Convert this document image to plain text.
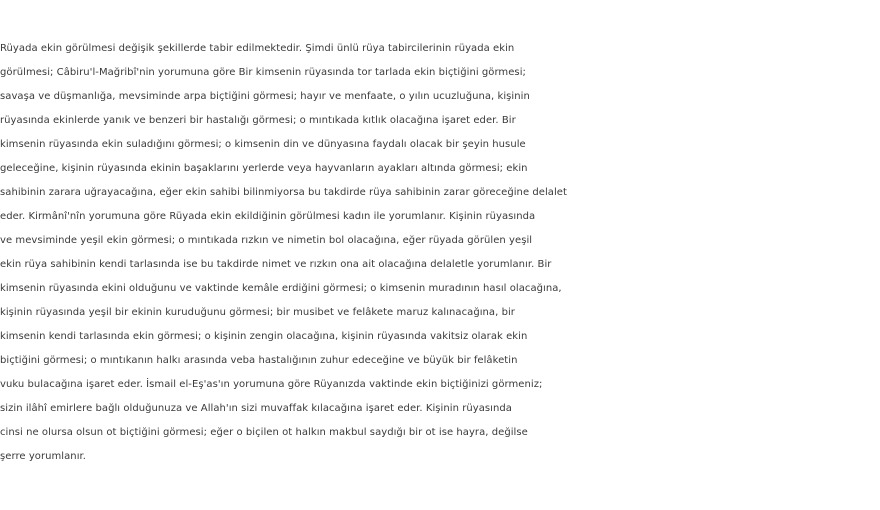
Rüyada ekin görülmesi değişik şekillerde tabir edilmektedir. Şimdi ünlü rüya tabircilerinin rüyada ekin
görülmesi; Câbiru'l-Mağribî'nin yorumuna göre Bir kimsenin rüyasında tor tarlada ekin biçtiğini görmesi;
savaşa ve düşmanlığa, mevsiminde arpa biçtiğini görmesi; hayır ve menfaate, o yılın ucuzluğuna, kişinin
rüyasında ekinlerde yanık ve benzeri bir hastalığı görmesi; o mıntıkada kıtlık olacağına işaret eder. Bir
kimsenin rüyasında ekin suladığını görmesi; o kimsenin din ve dünyasına faydalı olacak bir şeyin husule
geleceğine, kişinin rüyasında ekinin başaklarını yerlerde veya hayvanların ayakları altında görmesi; ekin
sahibinin zarara uğrayacağına, eğer ekin sahibi bilinmiyorsa bu takdirde rüya sahibinin zarar göreceğine delalet
eder. Kirmânî'nîn yorumuna göre Rüyada ekin ekildiğinin görülmesi kadın ile yorumlanır. Kişinin rüyasında
ve mevsiminde yeşil ekin görmesi; o mıntıkada rızkın ve nimetin bol olacağına, eğer rüyada görülen yeşil
ekin rüya sahibinin kendi tarlasında ise bu takdirde nimet ve rızkın ona ait olacağına delaletle yorumlanır. Bir
kimsenin rüyasında ekini olduğunu ve vaktinde kemâle erdiğini görmesi; o kimsenin muradının hasıl olacağına,
kişinin rüyasında yeşil bir ekinin kuruduğunu görmesi; bir musibet ve felâkete maruz kalınacağına, bir
kimsenin kendi tarlasında ekin görmesi; o kişinin zengin olacağına, kişinin rüyasında vakitsiz olarak ekin
biçtiğini görmesi; o mıntıkanın halkı arasında veba hastalığının zuhur edeceğine ve büyük bir felâketin
vuku bulacağına işaret eder. İsmail el-Eş'as'ın yorumuna göre Rüyanızda vaktinde ekin biçtiğinizi görmeniz;
sizin ilâhî emirlere bağlı olduğunuza ve Allah'ın sizi muvaffak kılacağına işaret eder. Kişinin rüyasında
cinsi ne olursa olsun ot biçtiğini görmesi; eğer o biçilen ot halkın makbul saydığı bir ot ise hayra, değilse
şerre yorumlanır.
